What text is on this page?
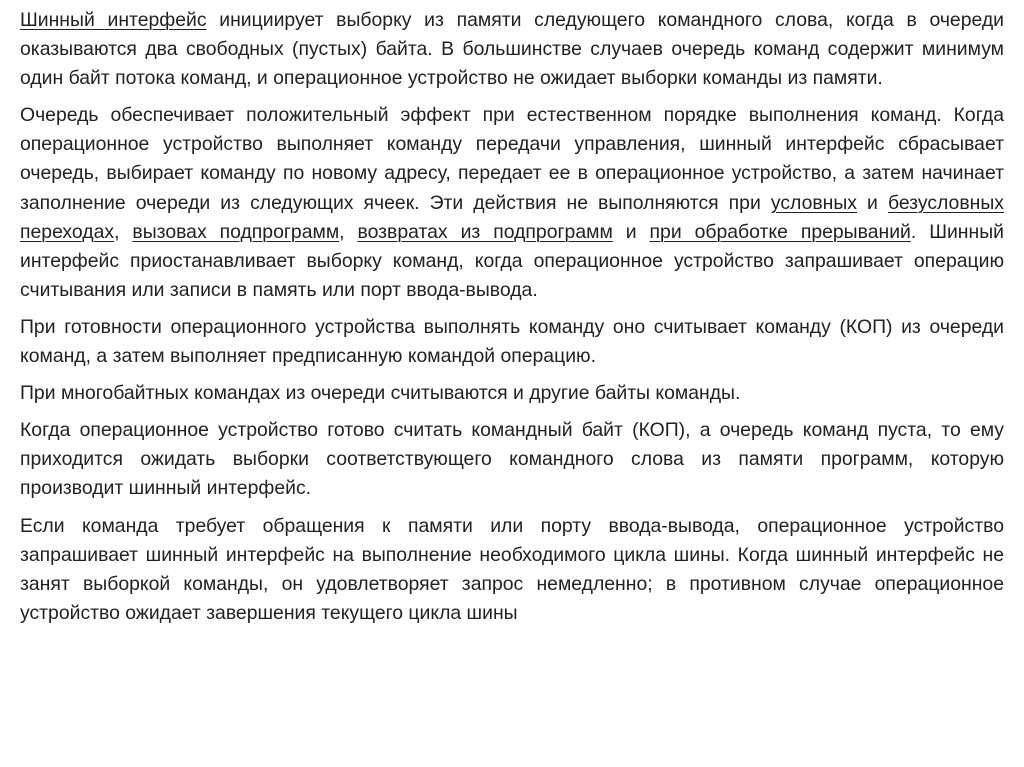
Шинный интерфейс инициирует выборку из памяти следующего командного слова, когда в очереди оказываются два свободных (пустых) байта. В большинстве случаев очередь команд содержит минимум один байт потока команд, и операционное устройство не ожидает выборки команды из памяти.

Очередь обеспечивает положительный эффект при естественном порядке выполнения команд. Когда операционное устройство выполняет команду передачи управления, шинный интерфейс сбрасывает очередь, выбирает команду по новому адресу, передает ее в операционное устройство, а затем начинает заполнение очереди из следующих ячеек. Эти действия не выполняются при условных и безусловных переходах, вызовах подпрограмм, возвратах из подпрограмм и при обработке прерываний. Шинный интерфейс приостанавливает выборку команд, когда операционное устройство запрашивает операцию считывания или записи в память или порт ввода-вывода.

При готовности операционного устройства выполнять команду оно считывает команду (КОП) из очереди команд, а затем выполняет предписанную командой операцию.

При многобайтных командах из очереди считываются и другие байты команды.

Когда операционное устройство готово считать командный байт (КОП), а очередь команд пуста, то ему приходится ожидать выборки соответствующего командного слова из памяти программ, которую производит шинный интерфейс.

Если команда требует обращения к памяти или порту ввода-вывода, операционное устройство запрашивает шинный интерфейс на выполнение необходимого цикла шины. Когда шинный интерфейс не занят выборкой команды, он удовлетворяет запрос немедленно; в противном случае операционное устройство ожидает завершения текущего цикла шины
